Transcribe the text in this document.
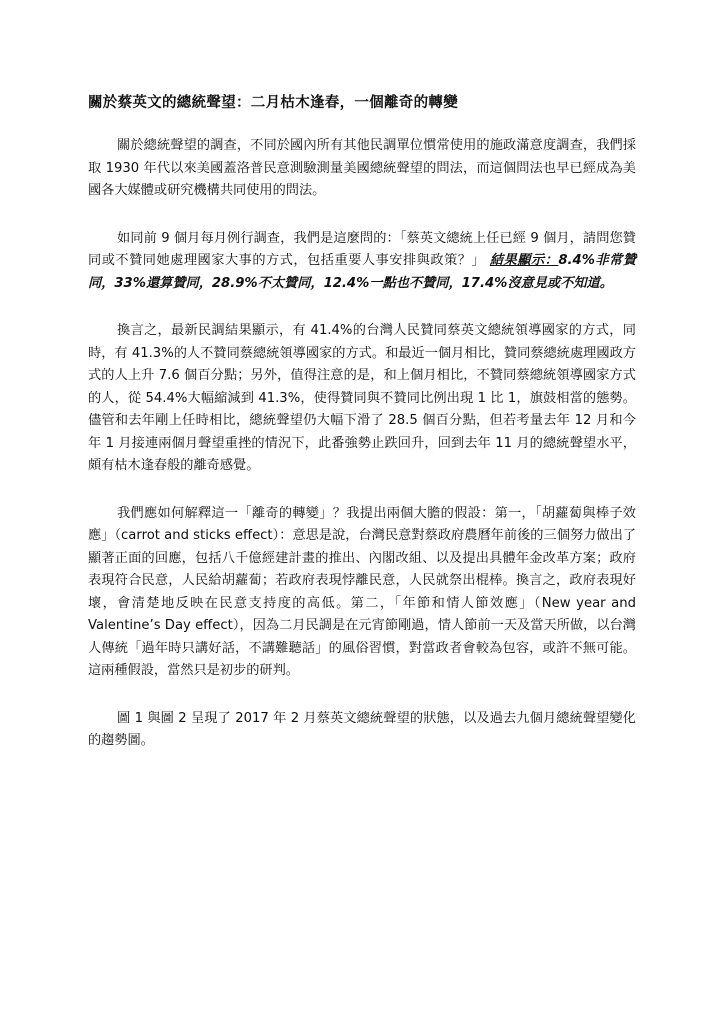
關於蔡英文的總統聲望：二月枯木逢春，一個離奇的轉變

關於總統聲望的調查，不同於國內所有其他民調單位慣常使用的施政滿意度調查，我們採取 1930 年代以來美國蓋洛普民意測驗測量美國總統聲望的問法，而這個問法也早已經成為美國各大媒體或研究機構共同使用的問法。

如同前 9 個月每月例行調查，我們是這麼問的：「蔡英文總統上任已經 9 個月，請問您贊同或不贊同她處理國家大事的方式，包括重要人事安排與政策？」 結果顯示：8.4%非常贊同，33%還算贊同，28.9%不太贊同，12.4%一點也不贊同，17.4%沒意見或不知道。

換言之，最新民調結果顯示，有 41.4%的台灣人民贊同蔡英文總統領導國家的方式，同時，有 41.3%的人不贊同蔡總統領導國家的方式。和最近一個月相比，贊同蔡總統處理國政方式的人上升 7.6 個百分點；另外，值得注意的是，和上個月相比，不贊同蔡總統領導國家方式的人，從 54.4%大幅縮減到 41.3%，使得贊同與不贊同比例出現 1 比 1，旗鼓相當的態勢。儘管和去年剛上任時相比，總統聲望仍大幅下滑了 28.5 個百分點，但若考量去年 12 月和今年 1 月接連兩個月聲望重挫的情況下，此番強勢止跌回升，回到去年 11 月的總統聲望水平，頗有枯木逢春般的離奇感覺。

我們應如何解釋這一「離奇的轉變」？我提出兩個大膽的假設：第一，「胡蘿蔔與棒子效應」（carrot and sticks effect）：意思是說，台灣民意對蔡政府農曆年前後的三個努力做出了顯著正面的回應，包括八千億經建計畫的推出、內閣改組、以及提出具體年金改革方案；政府表現符合民意，人民給胡蘿蔔；若政府表現悖離民意，人民就祭出棍棒。換言之，政府表現好壞，會清楚地反映在民意支持度的高低。第二，「年節和情人節效應」（New year and Valentine’s Day effect），因為二月民調是在元宵節剛過，情人節前一天及當天所做，以台灣人傳統「過年時只講好話，不講難聽話」的風俗習慣，對當政者會較為包容，或許不無可能。這兩種假設，當然只是初步的研判。

圖 1 與圖 2 呈現了 2017 年 2 月蔡英文總統聲望的狀態，以及過去九個月總統聲望變化的趨勢圖。
